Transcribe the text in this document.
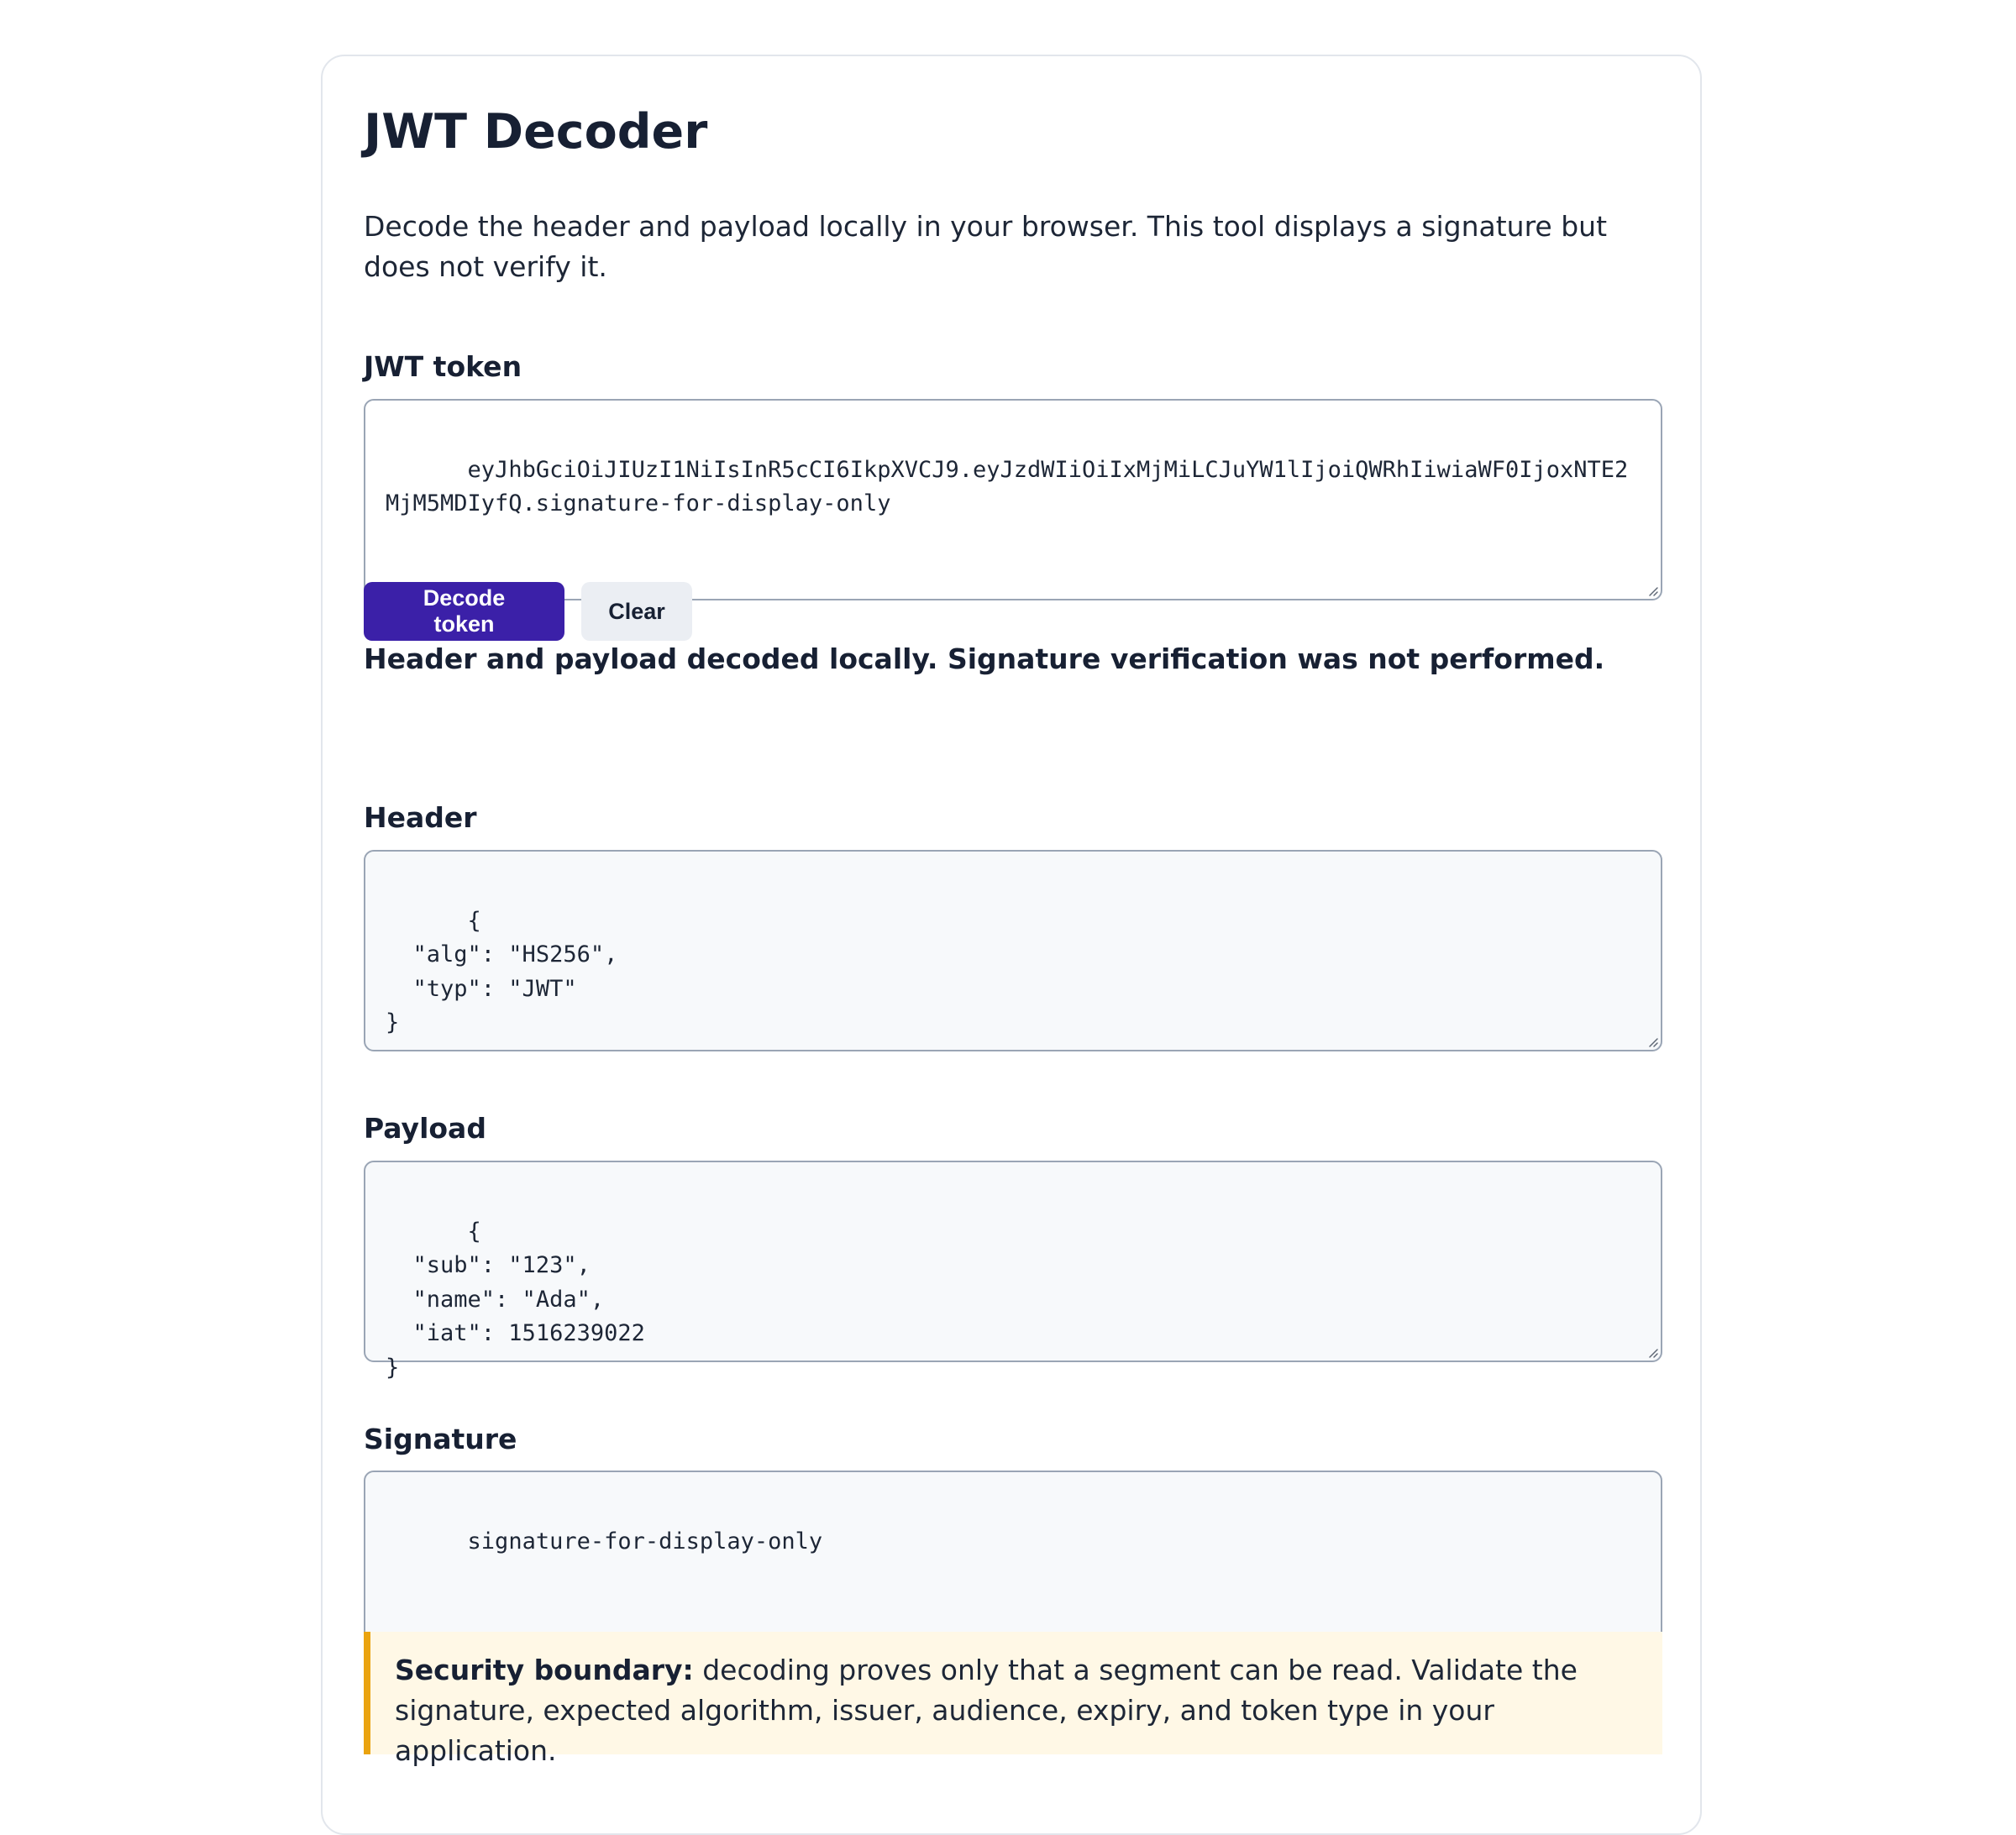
JWT Decoder

Decode the header and payload locally in your browser. This tool displays a signature but does not verify it.

JWT token

eyJhbGciOiJIUzI1NiIsInR5cCI6IkpXVCJ9.eyJzdWIiOiIxMjMiLCJuYW1lIjoiQWRhIiwiaWF0IjoxNTE2MjM5MDIyfQ.signature-for-display-only

Decode token
Clear
Header and payload decoded locally. Signature verification was not performed.
Header

{
"alg": "HS256",
"typ": "JWT"
}

Payload

{
"sub": "123",
"name": "Ada",
"iat": 1516239022
}

Signature

signature-for-display-only

Security boundary: decoding proves only that a segment can be read. Validate the signature, expected algorithm, issuer, audience, expiry, and token type in your application.
